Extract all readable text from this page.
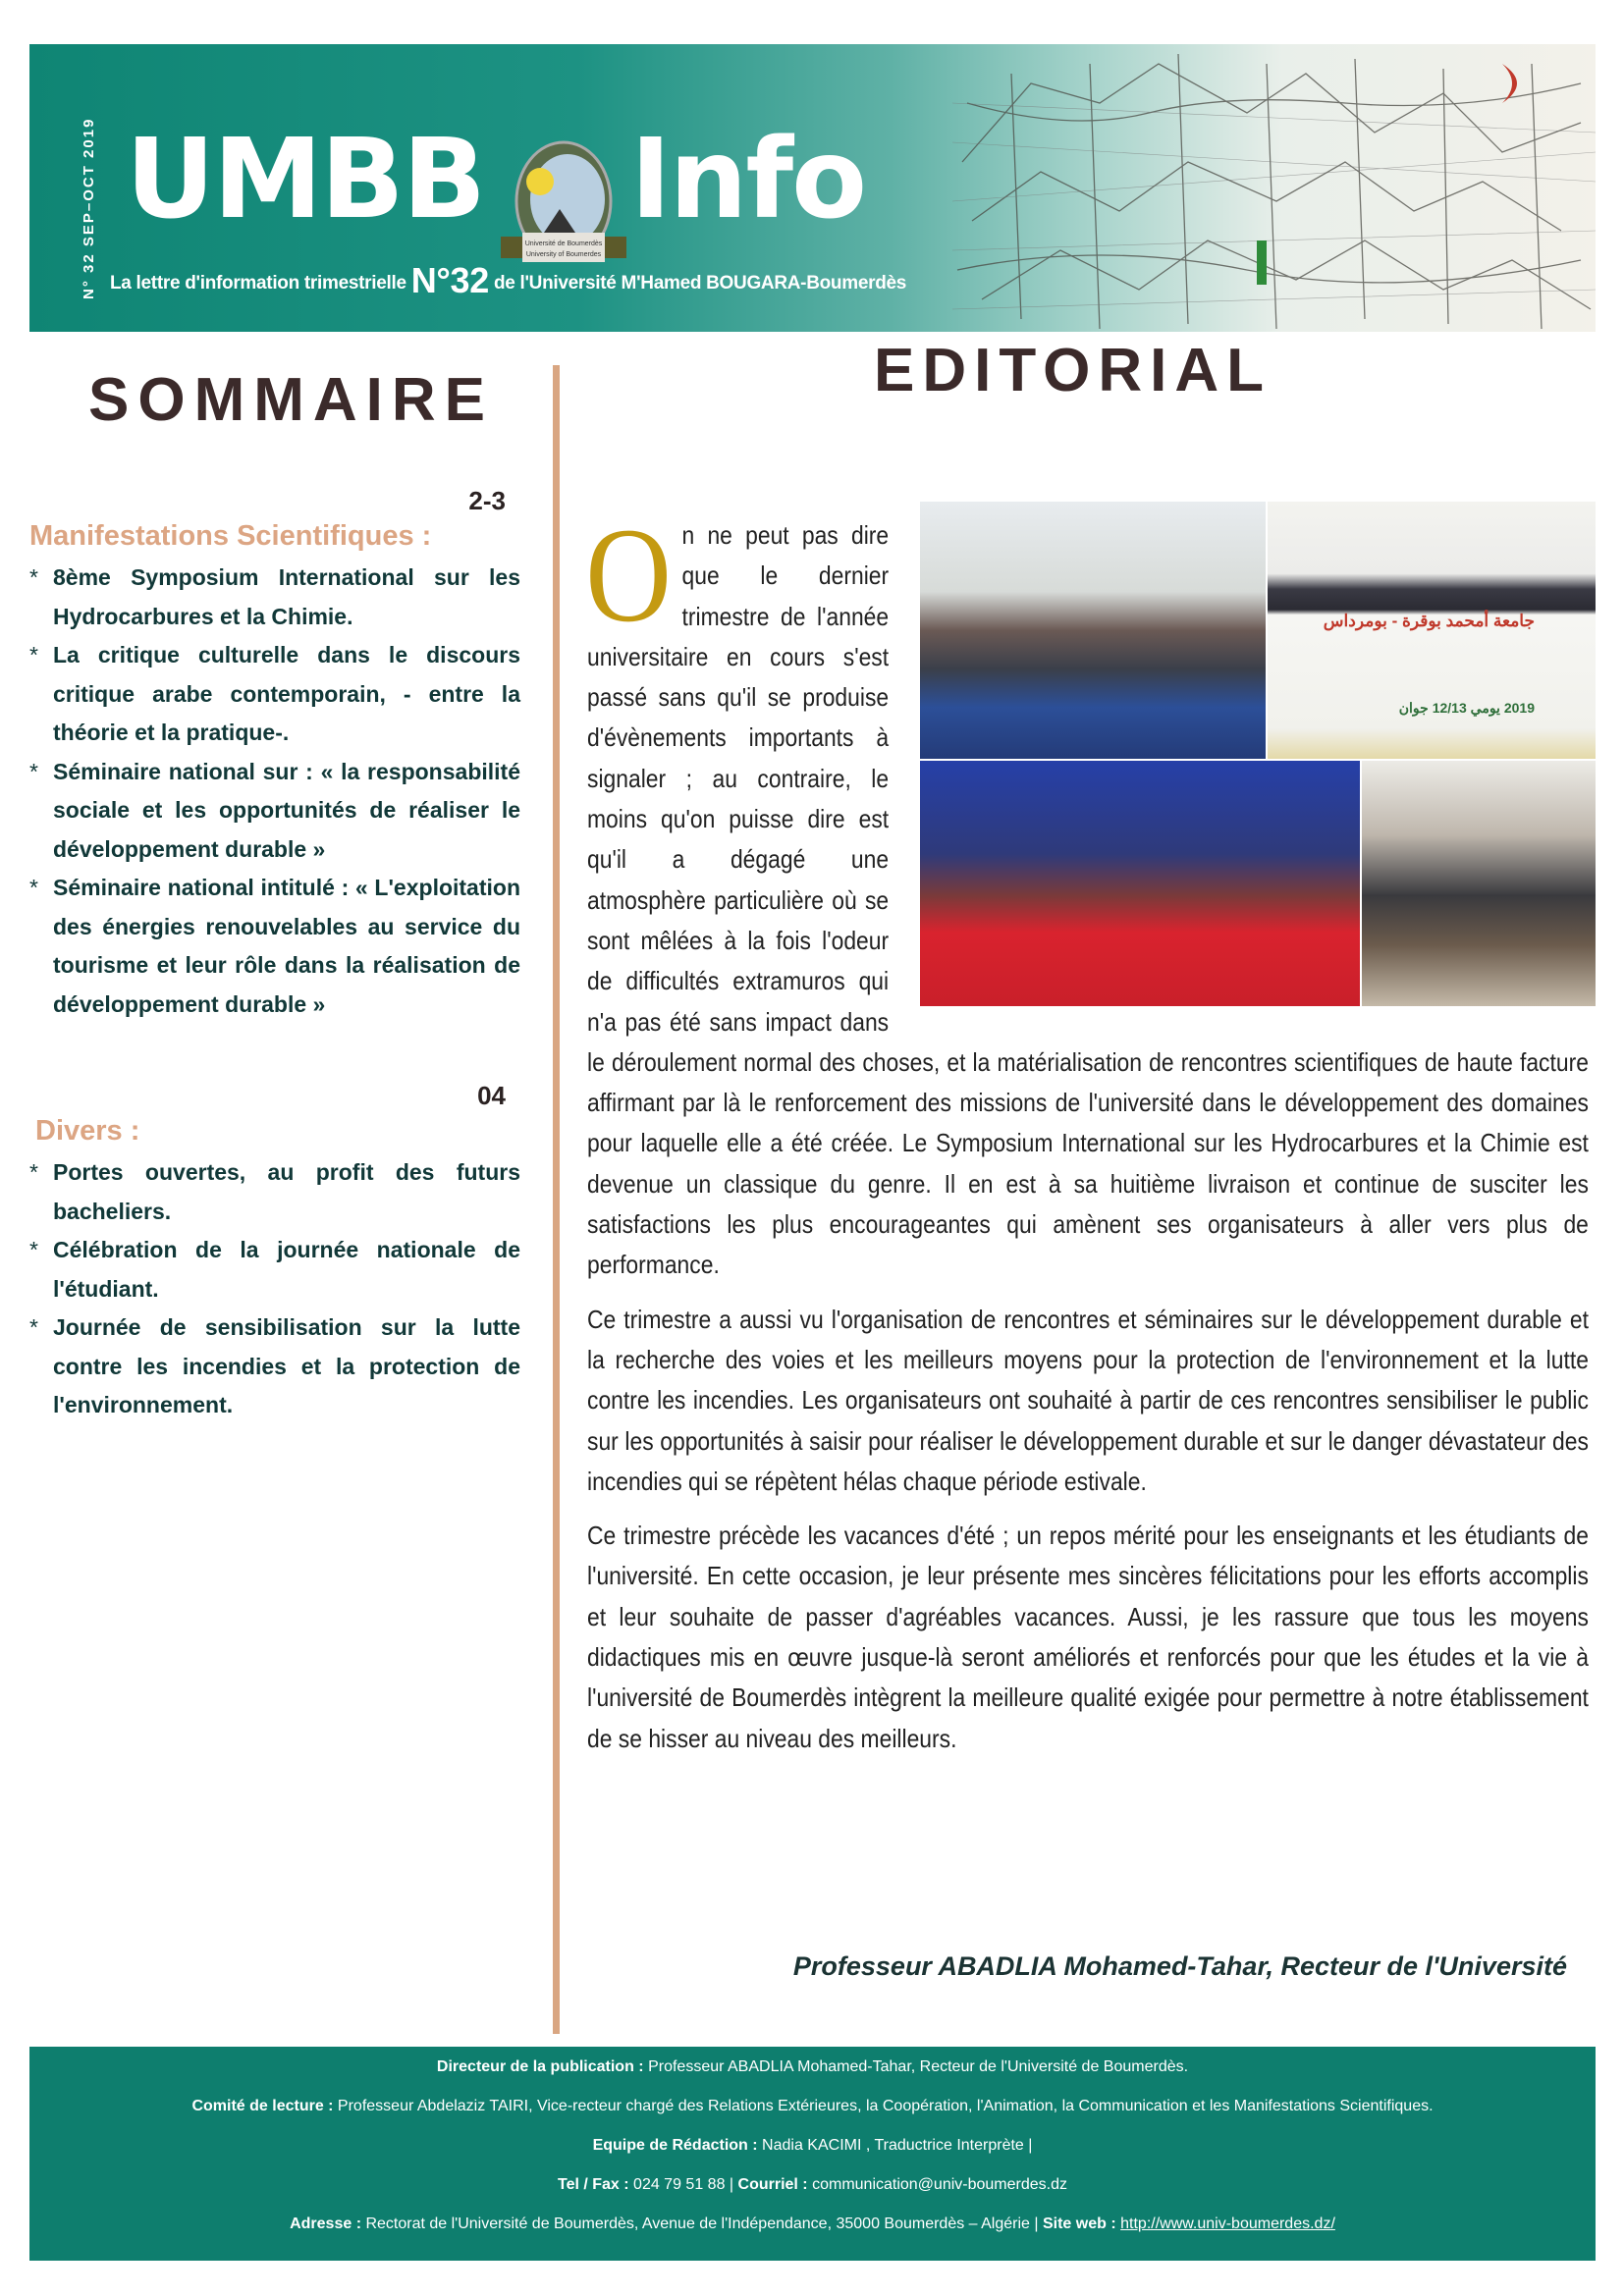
N° 32 SEP–OCT 2019 UMBB
Université de Boumerdès
University of Boumerdes
Info
La lettre d'information trimestrielle N°32 de l'Université M'Hamed BOUGARA-Boumerdès
SOMMAIRE	EDITORIAL
2-3
Manifestations Scientifiques :
* 8ème Symposium International sur les Hydrocarbures et la Chimie.
* La critique culturelle dans le discours critique arabe contemporain, - entre la théorie et la pratique-.
* Séminaire national sur : « la responsabilité sociale et les opportunités de réaliser le développement durable »
* Séminaire national intitulé : « L'exploitation des énergies renouvelables au service du tourisme et leur rôle dans la réalisation de développement durable »
04
Divers :
* Portes ouvertes, au profit des futurs bacheliers.
* Célébration de la journée nationale de l'étudiant.
* Journée de sensibilisation sur la lutte contre les incendies et la protection de l'environnement.
جامعة أمحمد بوقرة - بومرداس
2019 يومي 12/13 جوان

On ne peut pas dire que le dernier trimestre de l'année universitaire en cours s'est passé sans qu'il se produise d'évènements importants à signaler ; au contraire, le moins qu'on puisse dire est qu'il a dégagé une atmosphère particulière où se sont mêlées à la fois l'odeur de difficultés extramuros qui n'a pas été sans impact dans le déroulement normal des choses, et la matérialisation de rencontres scientifiques de haute facture affirmant par là le renforcement des missions de l'université dans le développement des domaines pour laquelle elle a été créée. Le Symposium International sur les Hydrocarbures et la Chimie est devenue un classique du genre. Il en est à sa huitième livraison et continue de susciter les satisfactions les plus encourageantes qui amènent ses organisateurs à aller vers plus de performance.

Ce trimestre a aussi vu l'organisation de rencontres et séminaires sur le développement durable et la recherche des voies et les meilleurs moyens pour la protection de l'environnement et la lutte contre les incendies. Les organisateurs ont souhaité à partir de ces rencontres sensibiliser le public sur les opportunités à saisir pour réaliser le développement durable et sur le danger dévastateur des incendies qui se répètent hélas chaque période estivale.

Ce trimestre précède les vacances d'été ; un repos mérité pour les enseignants et les étudiants de l'université. En cette occasion, je leur présente mes sincères félicitations pour les efforts accomplis et leur souhaite de passer d'agréables vacances. Aussi, je les rassure que tous les moyens didactiques mis en œuvre jusque-là seront améliorés et renforcés pour que les études et la vie à l'université de Boumerdès intègrent la meilleure qualité exigée pour permettre à notre établissement de se hisser au niveau des meilleurs.

Professeur ABADLIA Mohamed-Tahar, Recteur de l'Université
Directeur de la publication : Professeur ABADLIA Mohamed-Tahar, Recteur de l'Université de Boumerdès.
Comité de lecture : Professeur Abdelaziz TAIRI, Vice-recteur chargé des Relations Extérieures, la Coopération, l'Animation, la Communication et les Manifestations Scientifiques.
Equipe de Rédaction : Nadia KACIMI , Traductrice Interprète |
Tel / Fax : 024 79 51 88 | Courriel : communication@univ-boumerdes.dz
Adresse : Rectorat de l'Université de Boumerdès, Avenue de l'Indépendance, 35000 Boumerdès – Algérie | Site web : http://www.univ-boumerdes.dz/
